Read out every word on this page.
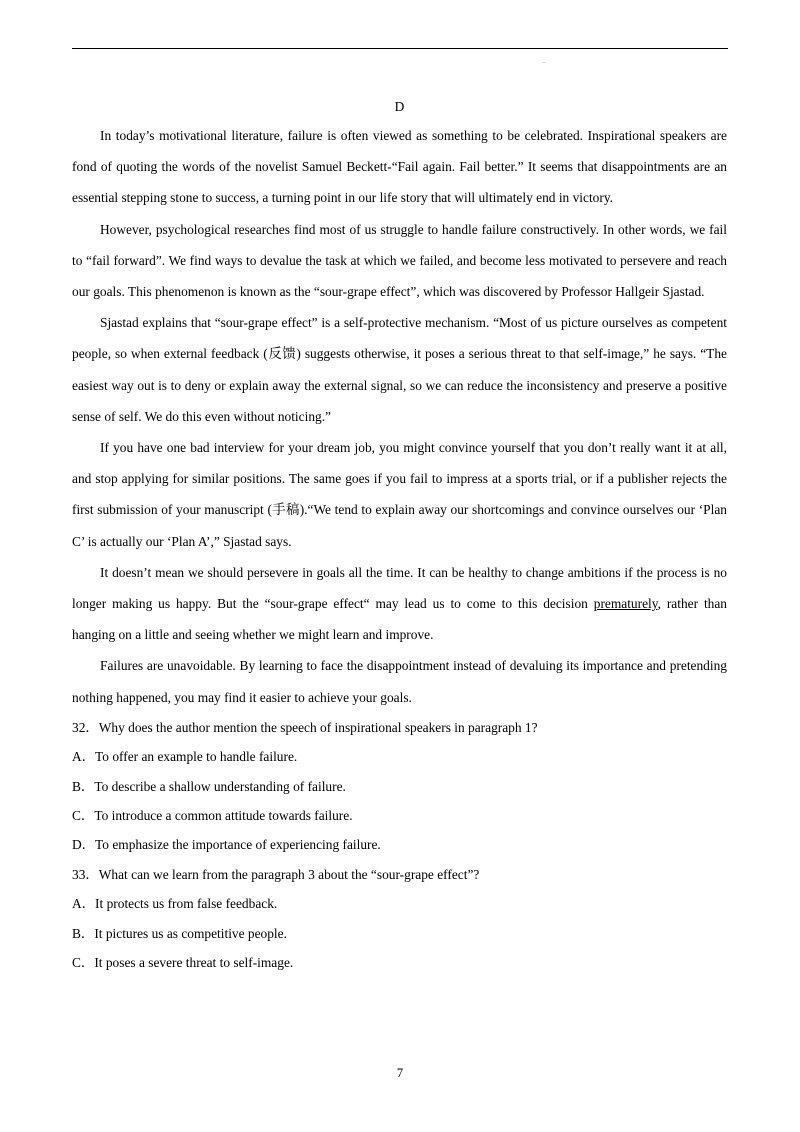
.
D

In today’s motivational literature, failure is often viewed as something to be celebrated. Inspirational speakers are fond of quoting the words of the novelist Samuel Beckett-“Fail again. Fail better.” It seems that disappointments are an essential stepping stone to success, a turning point in our life story that will ultimately end in victory.

However, psychological researches find most of us struggle to handle failure constructively. In other words, we fail to “fail forward”. We find ways to devalue the task at which we failed, and become less motivated to persevere and reach our goals. This phenomenon is known as the “sour-grape effect”, which was discovered by Professor Hallgeir Sjastad.

Sjastad explains that “sour-grape effect” is a self-protective mechanism. “Most of us picture ourselves as competent people, so when external feedback (反馈) suggests otherwise, it poses a serious threat to that self-image,” he says. “The easiest way out is to deny or explain away the external signal, so we can reduce the inconsistency and preserve a positive sense of self. We do this even without noticing.”

If you have one bad interview for your dream job, you might convince yourself that you don’t really want it at all, and stop applying for similar positions. The same goes if you fail to impress at a sports trial, or if a publisher rejects the first submission of your manuscript (手稿).“We tend to explain away our shortcomings and convince ourselves our ‘Plan C’ is actually our ‘Plan A’,” Sjastad says.

It doesn’t mean we should persevere in goals all the time. It can be healthy to change ambitions if the process is no longer making us happy. But the “sour-grape effect“ may lead us to come to this decision prematurely, rather than hanging on a little and seeing whether we might learn and improve.

Failures are unavoidable. By learning to face the disappointment instead of devaluing its importance and pretending nothing happened, you may find it easier to achieve your goals.

32．Why does the author mention the speech of inspirational speakers in paragraph 1?

A．To offer an example to handle failure.

B．To describe a shallow understanding of failure.

C．To introduce a common attitude towards failure.

D．To emphasize the importance of experiencing failure.

33．What can we learn from the paragraph 3 about the “sour-grape effect”?

A．It protects us from false feedback.

B．It pictures us as competitive people.

C．It poses a severe threat to self-image.

7
